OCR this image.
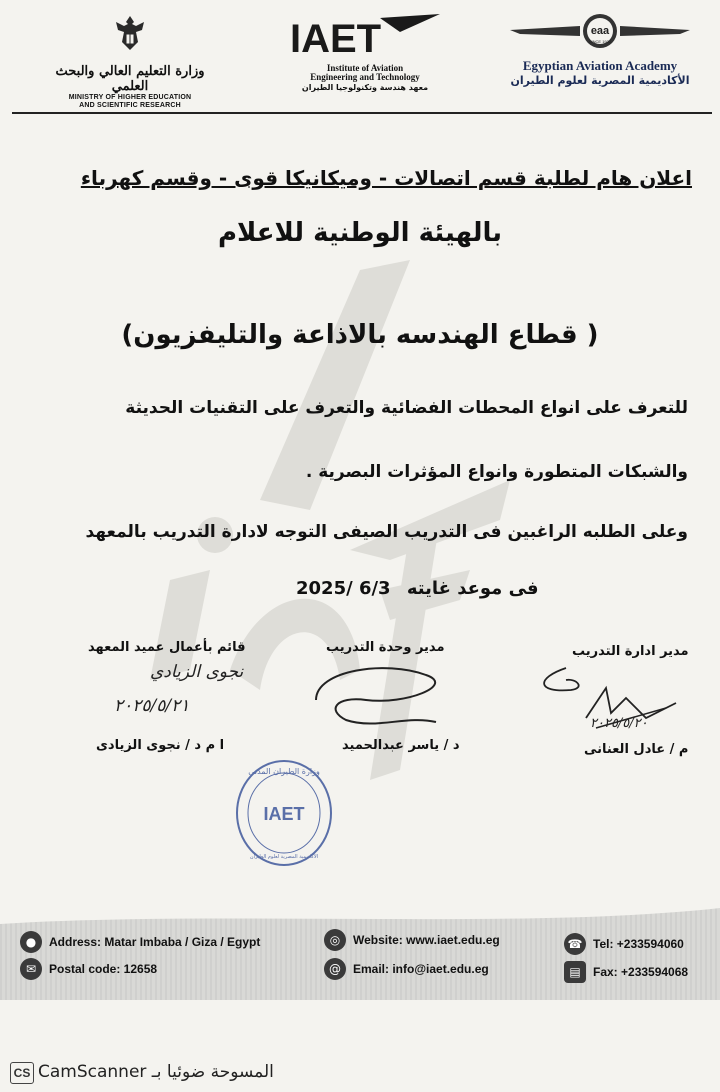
وزارة التعليم العالي والبحث العلمي
MINISTRY OF HIGHER EDUCATION
AND SCIENTIFIC RESEARCH
IAET
Institute of Aviation
Engineering and Technology
معهد هندسة وتكنولوجيا الطيران
eaa
SINCE 1932
Egyptian Aviation Academy
الأكاديمية المصرية لعلوم الطيران
اعلان هام لطلبة قسم اتصالات - وميكانيكا قوى - وقسم كهرباء
بالهيئة الوطنية للاعلام
( قطاع الهندسه بالاذاعة والتليفزيون)
للتعرف على انواع المحطات الفضائية والتعرف على التقنيات الحديثة
والشبكات المتطورة وانواع المؤثرات البصرية .
وعلى الطلبه الراغبين فى التدريب الصيفى التوجه لادارة التدريب بالمعهد
2025/ 6/3 فى موعد غايته
قائم بأعمال عميد المعهد	مدير وحدة التدريب	مدير ادارة التدريب
نجوى الزيادي
٢٠٢٥/٥/٢١
٢٠٢٥/٥/٢٠
ا م د / نجوى الزيادى	د / ياسر عبدالحميد	م / عادل العنانى
وزارة الطيران المدني
IAET
الأكاديمية المصرية لعلوم الطيران
●	Address: Matar Imbaba / Giza / Egypt
✉	Postal code: 12658
◎	Website: www.iaet.edu.eg
@	Email: info@iaet.edu.eg
☎ Tel: +233594060
▤	Fax: +233594068
CS المسوحة ضوئيا بـ CamScanner
